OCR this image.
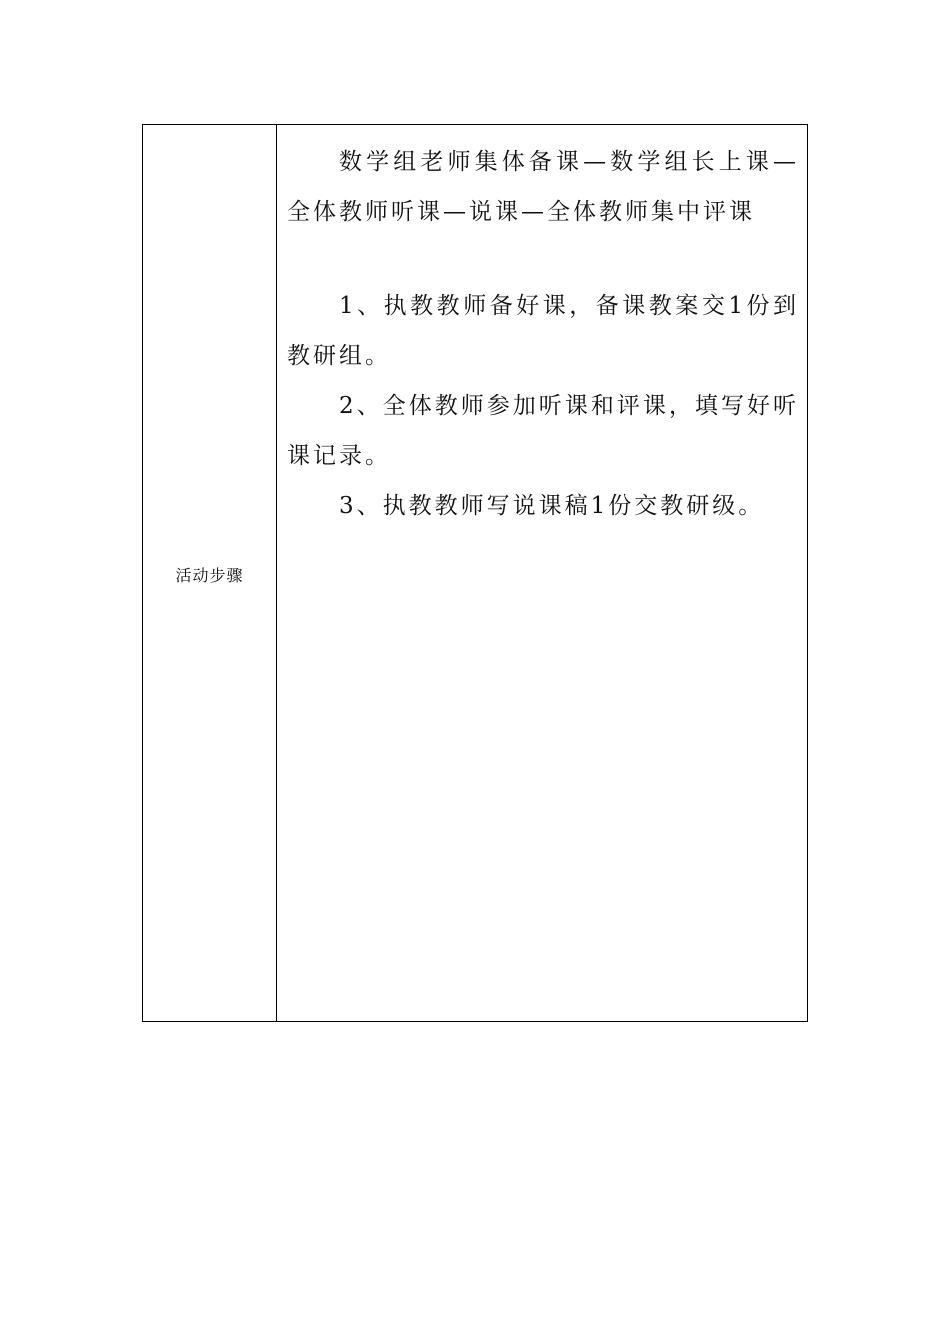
活动步骤

数学组老师集体备课—数学组长上课—全体教师听课—说课—全体教师集中评课

1、执教教师备好课，备课教案交1份到教研组。

2、全体教师参加听课和评课，填写好听课记录。

3、执教教师写说课稿1份交教研级。
